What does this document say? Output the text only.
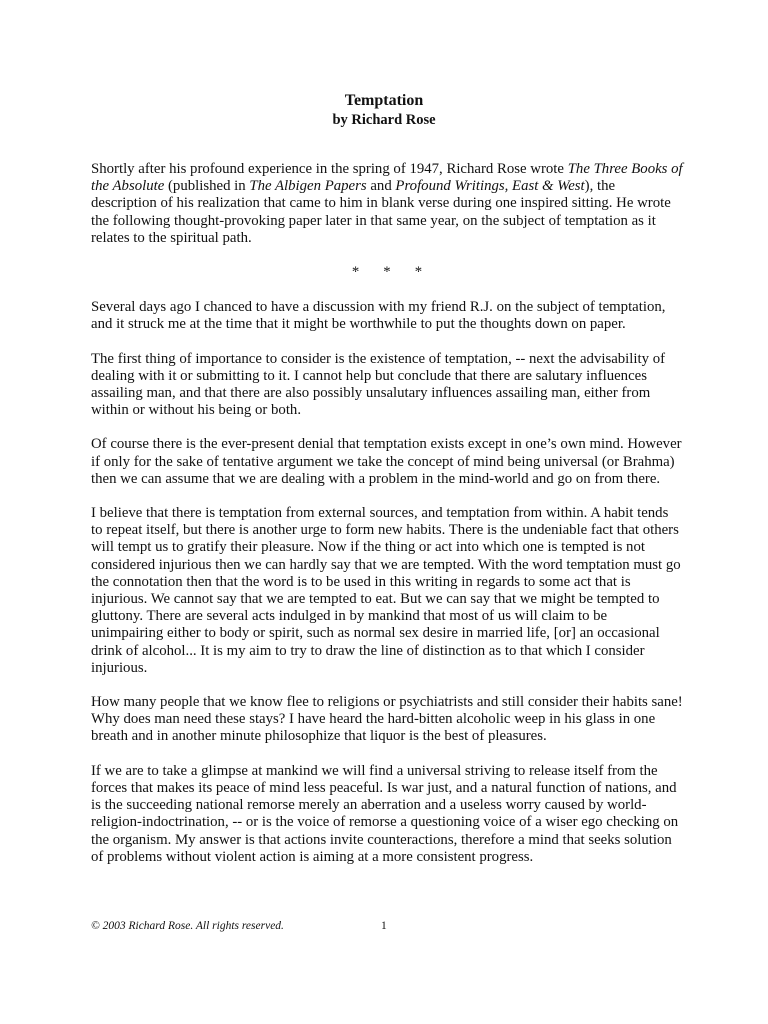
Temptation
by Richard Rose

Shortly after his profound experience in the spring of 1947, Richard Rose wrote The Three Books of the Absolute (published in The Albigen Papers and Profound Writings, East & West), the description of his realization that came to him in blank verse during one inspired sitting. He wrote the following thought-provoking paper later in that same year, on the subject of temptation as it relates to the spiritual path.

* * *

Several days ago I chanced to have a discussion with my friend R.J. on the subject of temptation, and it struck me at the time that it might be worthwhile to put the thoughts down on paper.

The first thing of importance to consider is the existence of temptation, -- next the advisability of dealing with it or submitting to it. I cannot help but conclude that there are salutary influences assailing man, and that there are also possibly unsalutary influences assailing man, either from within or without his being or both.

Of course there is the ever-present denial that temptation exists except in one’s own mind. However if only for the sake of tentative argument we take the concept of mind being universal (or Brahma) then we can assume that we are dealing with a problem in the mind-world and go on from there.

I believe that there is temptation from external sources, and temptation from within. A habit tends to repeat itself, but there is another urge to form new habits. There is the undeniable fact that others will tempt us to gratify their pleasure. Now if the thing or act into which one is tempted is not considered injurious then we can hardly say that we are tempted. With the word temptation must go the connotation then that the word is to be used in this writing in regards to some act that is injurious. We cannot say that we are tempted to eat. But we can say that we might be tempted to gluttony. There are several acts indulged in by mankind that most of us will claim to be unimpairing either to body or spirit, such as normal sex desire in married life, [or] an occasional drink of alcohol... It is my aim to try to draw the line of distinction as to that which I consider injurious.

How many people that we know flee to religions or psychiatrists and still consider their habits sane! Why does man need these stays? I have heard the hard-bitten alcoholic weep in his glass in one breath and in another minute philosophize that liquor is the best of pleasures.

If we are to take a glimpse at mankind we will find a universal striving to release itself from the forces that makes its peace of mind less peaceful. Is war just, and a natural function of nations, and is the succeeding national remorse merely an aberration and a useless worry caused by world-religion-indoctrination, -- or is the voice of remorse a questioning voice of a wiser ego checking on the organism. My answer is that actions invite counteractions, therefore a mind that seeks solution of problems without violent action is aiming at a more consistent progress.

© 2003 Richard Rose. All rights reserved.	1
